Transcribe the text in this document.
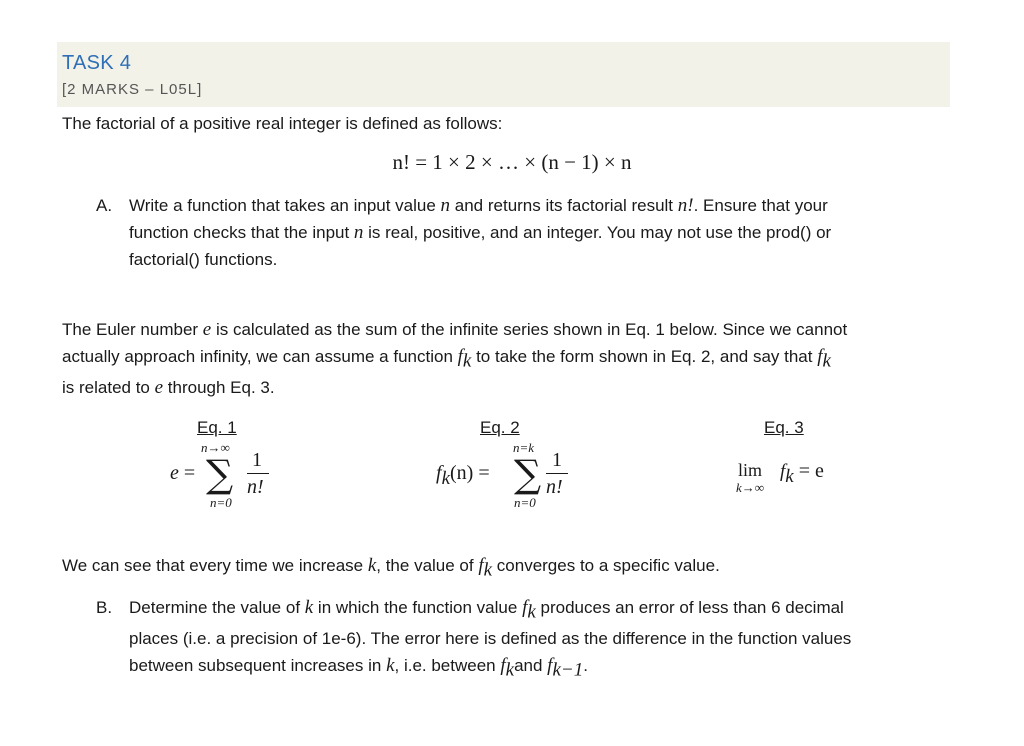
TASK 4
[2 MARKS – L05L]
The factorial of a positive real integer is defined as follows:
n! = 1 × 2 × … × (n − 1) × n
A. Write a function that takes an input value n and returns its factorial result n!. Ensure that your
function checks that the input n is real, positive, and an integer. You may not use the prod() or
factorial() functions.
The Euler number e is calculated as the sum of the infinite series shown in Eq. 1 below. Since we cannot
actually approach infinity, we can assume a function $f_k$ to take the form shown in Eq. 2, and say that $f_k$
is related to e through Eq. 3.
Eq. 1
e =
n→∞
∑
n=0
1
n!
Eq. 2
$f_k(n)$ =
n=k
∑
n=0
1
n!
Eq. 3
lim
k→∞
$f_k = e$
We can see that every time we increase k, the value of $f_k$ converges to a specific value.
B. Determine the value of k in which the function value $f_k$ produces an error of less than 6 decimal
places (i.e. a precision of 1e-6). The error here is defined as the difference in the function values
between subsequent increases in k, i.e. between $f_kand$ $f_{k-1}$.
